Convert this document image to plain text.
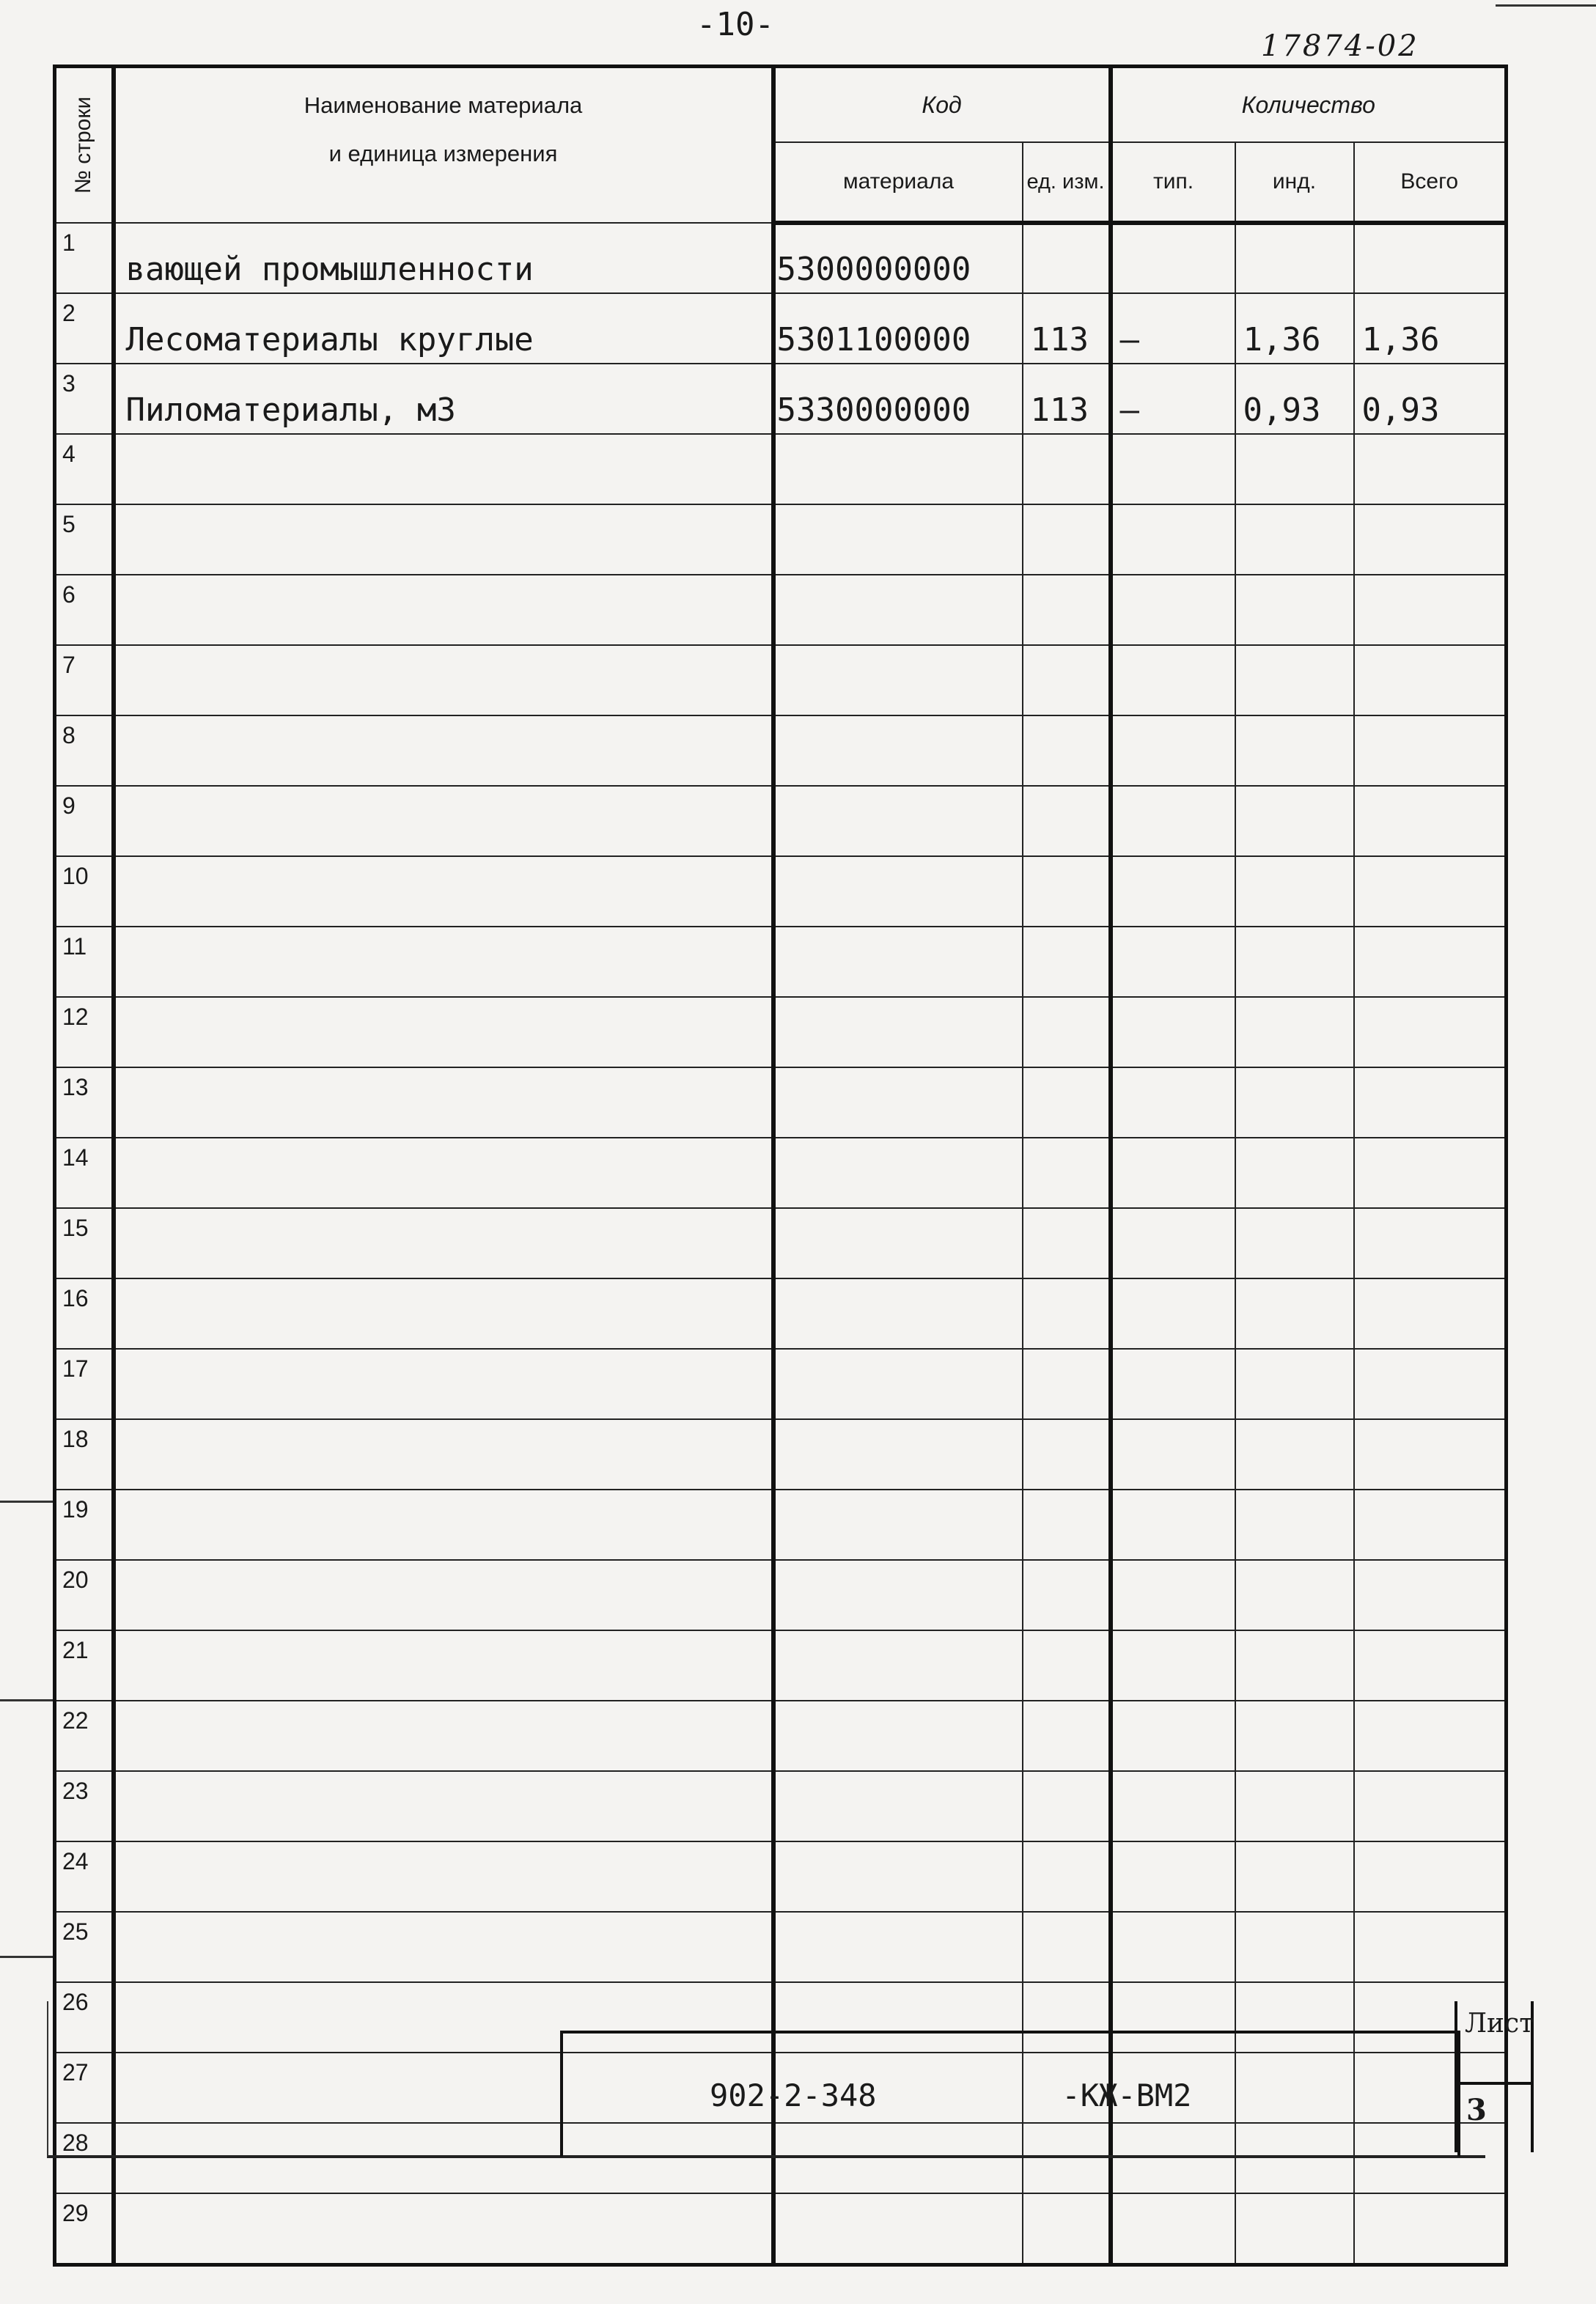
-10-
17874-02
№ строки	Наименование материала
и единица измерения	Код		Количество		
		материала	ед. изм.	тип.	инд.	Всего
1	вающей промышленности	5300000000				
2	Лесоматериалы круглые	5301100000	113	–	1,36	1,36
3	Пиломатериалы, м3	5330000000	113	–	0,93	0,93
4						
5						
6						
7						
8						
9						
10						
11						
12						
13						
14						
15						
16						
17						
18						
19						
20						
21						
22						
23						
24						
25						
26						
27						
28						
29						
902-2-348          -КЖ-ВМ2
Лист
3
